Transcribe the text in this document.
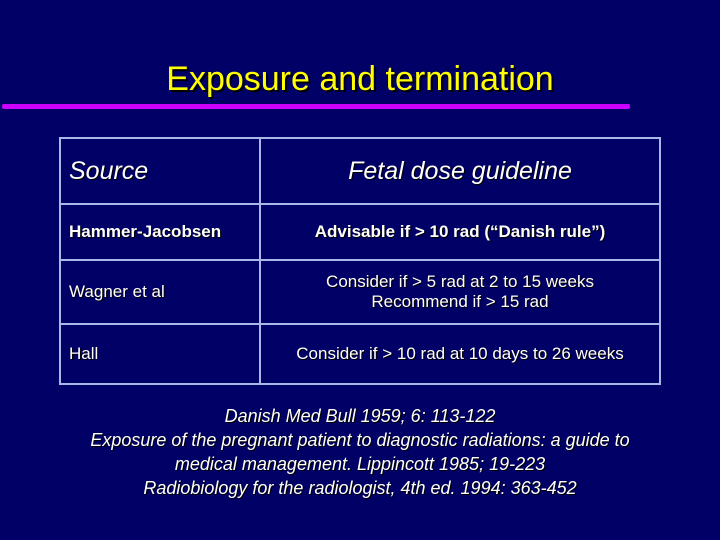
Exposure and termination
Source	Fetal dose guideline
Hammer-Jacobsen	Advisable if > 10 rad (“Danish rule”)

Wagner et al	Consider if > 5 rad at 2 to 15 weeks
Recommend if > 15 rad

Hall	Consider if > 10 rad at 10 days to 26 weeks
Danish Med Bull 1959; 6: 113-122
Exposure of the pregnant patient to diagnostic radiations: a guide to
medical management. Lippincott 1985; 19-223
Radiobiology for the radiologist, 4th ed. 1994: 363-452
